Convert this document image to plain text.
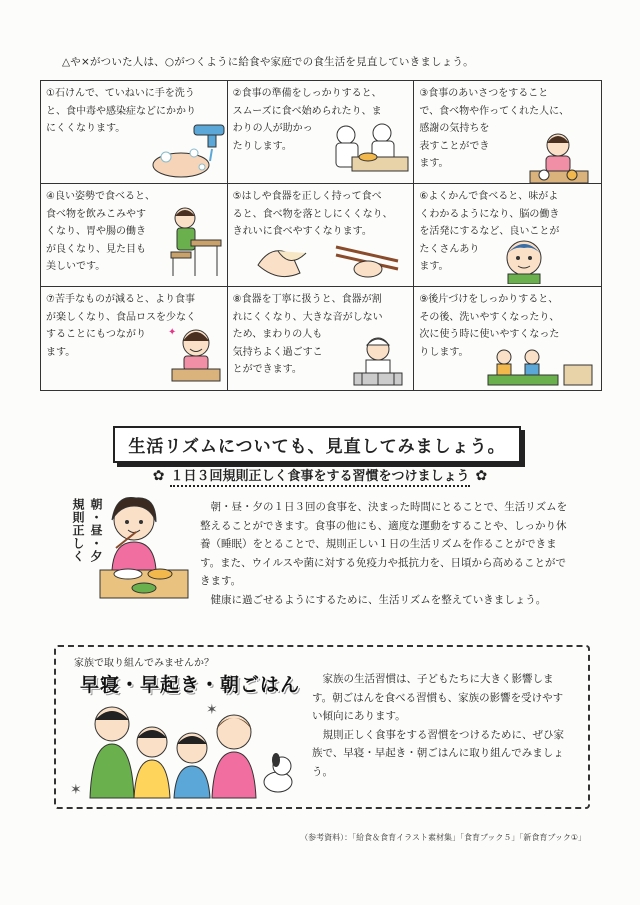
△や×がついた人は、○がつくように給食や家庭での食生活を見直していきましょう。
①石けんで、ていねいに手を洗う
と、食中毒や感染症などにかかり
にくくなります。
②食事の準備をしっかりすると、
スムーズに食べ始められたり、ま
わりの人が助かっ
たりします。
③食事のあいさつをすること
で、食べ物や作ってくれた人に、
感謝の気持ちを
表すことができ
ます。
④良い姿勢で食べると、
食べ物を飲みこみやす
くなり、胃や腸の働き
が良くなり、見た目も
美しいです。
⑤はしや食器を正しく持って食べ
ると、食べ物を落としにくくなり、
きれいに食べやすくなります。
⑥よくかんで食べると、味がよ
くわかるようになり、脳の働き
を活発にするなど、良いことが
たくさんあり
ます。
⑦苦手なものが減ると、より食事
が楽しくなり、食品ロスを少なく
することにもつながり
ます。
✦
⑧食器を丁寧に扱うと、食器が割
れにくくなり、大きな音がしない
ため、まわりの人も
気持ちよく過ごすこ
とができます。
⑨後片づけをしっかりすると、
その後、洗いやすくなったり、
次に使う時に使いやすくなった
りします。
生活リズムについても、見直してみましょう。
✿ １日３回規則正しく食事をする習慣をつけましょう ✿
規則正しく 朝・昼・夕	朝・昼・夕の１日３回の食事を、決まった時間にとることで、生活リズムを整えることができます。食事の他にも、適度な運動をすることや、しっかり休養（睡眠）をとることで、規則正しい１日の生活リズムを作ることができます。また、ウイルスや菌に対する免疫力や抵抗力を、日頃から高めることができます。

健康に過ごせるようにするために、生活リズムを整えていきましょう。

家族で取り組んでみませんか？
早寝・早起き・朝ごはん
✶
✶

家族の生活習慣は、子どもたちに大きく影響します。朝ごはんを食べる習慣も、家族の影響を受けやすい傾向にあります。

規則正しく食事をする習慣をつけるために、ぜひ家族で、早寝・早起き・朝ごはんに取り組んでみましょう。

（参考資料）：「給食＆食育イラスト素材集」「食育ブック５」「新食育ブック①」
